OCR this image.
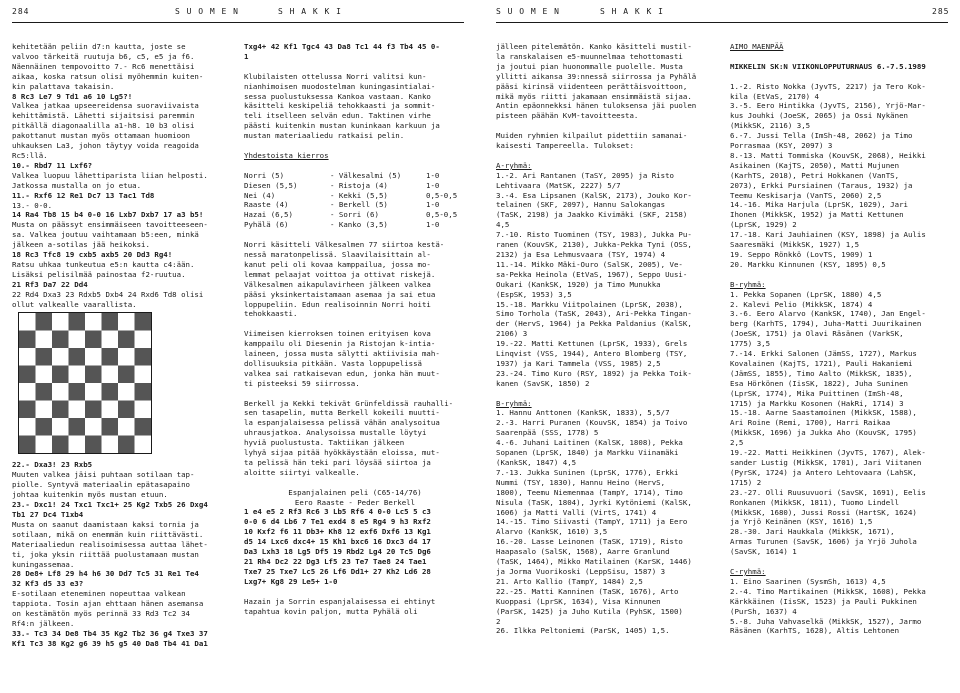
284	S U O M E N	S H A K K I

kehitetään peliin d7:n kautta, joste se

valvoo tärkeitä ruutuja b6, c5, e5 ja f6.

Näennäinen tempovoitto 7.- Rc6 menettäisi

aikaa, koska ratsun olisi myöhemmin kuiten-

kin palattava takaisin.

8 Rc3 Le7 9 Td1 a6 10 Lg5?!

Valkea jatkaa upseereidensa suoraviivaista

kehittämistä. Lähetti sijaitsisi paremmin

pitkällä diagonaalilla a1-h8. 10 b3 olisi

pakottanut mustan myös ottamaan huomioon

uhkauksen Lа3, johon täytyy voida reagoida

Rc5:llä.

10.- Rbd7 11 Lxf6?

Valkea luopuu lähettiparista liian helposti.

Jatkossa mustalla on jo etua.

11.- Rxf6 12 Re1 Dc7 13 Tac1 Td8

13.- 0-0.

14 Ra4 Tb8 15 b4 0-0 16 Lxb7 Dxb7 17 a3 b5!

Musta on päässyt ensimmäiseen tavoitteeseen-

sa. Valkea joutuu vaihtamaan b5:een, minkä

jälkeen a-sotilas jää heikoksi.

18 Rc3 Tfc8 19 cxb5 axb5 20 Dd3 Rg4!

Ratsu uhkaa tunkeutua e5:n kautta c4:ään.

Lisäksi pelisilmää painostaa f2-ruutua.

21 Rf3 Da7 22 Dd4

22 Rd4 Dxa3 23 Rdxb5 Dxb4 24 Rxd6 Td8 olisi

ollut valkealle vaarallista.

22.- Dxa3! 23 Rxb5

Muuten valkea jäisi puhtaan sotilaan tap-

piolle. Syntyvä materiaalin epätasapaino

johtaa kuitenkin myös mustan etuun.

23.- Dxc1! 24 Txc1 Txc1+ 25 Kg2 Txb5 26 Dxg4

Tb1 27 Dc4 T1xb4

Musta on saanut daamistaan kaksi tornia ja

sotilaan, mikä on enemmän kuin riittävästi.

Materiaaliedun realisoimisessa auttaa lähet-

ti, joka yksin riittää puolustamaan mustan

kuningassemaa.

28 De8+ Lf8 29 h4 h6 30 Dd7 Tc5 31 Re1 Te4

32 Kf3 d5 33 e3?

E-sotilaan eteneminen nopeuttaa valkean

tappiota. Tosin ajan ehttaan hänen asemansa

on kestämätön myös perinnä 33 Rd3 Tc2 34

Rf4:n jälkeen.

33.- Tc3 34 De8 Tb4 35 Kg2 Tb2 36 g4 Txe3 37

Kf1 Tc3 38 Kg2 g6 39 h5 g5 40 Da8 Tb4 41 Da1

Txg4+ 42 Kf1 Tgc4 43 Da8 Tc1 44 f3 Tb4 45 0-

1

Klubilaisten ottelussa Norri valitsi kun-

nianhimoisen muodostelman kuningasintialai-

sessa puolustuksessa Kankoa vastaan. Kanko

käsitteli keskipeliä tehokkaasti ja sommit-

teli itselleen selvän edun. Taktinen virhe

päästi kuitenkin mustan kuninkaan karkuun ja

mustan materiaaliedu ratkaisi pelin.

Yhdestoista kierros

Norri (5)	- Välkesalmi (5)	1-0
Diesen (5,5)	- Ristoja (4)	1-0
Nei (4)	- Kekki (5,5)	0,5-0,5
Raaste (4)	- Berkell (5)	1-0
Hazai (6,5)	- Sorri (6)	0,5-0,5
Pyhälä (6)	- Kanko (3,5)	1-0

Norri käsitteli Välkesalmen 77 siirtoa kestä-

nessä maratonpelissä. Slaavilaisittain al-

kanut peli oli kovaa kamppailua, jossa mo-

lemmat pelaajat voittoa ja ottivat riskejä.

Välkesalmen aikapulavirheen jälkeen valkea

pääsi yksinkertaistamaan asemaa ja sai etua

loppupeliin. Edun realisoinnin Norri hoiti

tehokkaasti.

Viimeisen kierroksen toinen erityisen kova

kamppailu oli Diesenin ja Ristojan k-intia-

laineen, jossa musta sälytti aktiivisia mah-

dollisuuksia pitkään. Vasta loppupelissä

valkea sai ratkaisevan edun, jonka hän muut-

ti pisteeksi 59 siirrossa.

Berkell ja Kekki tekivät Grünfeldissä rauhalli-

sen tasapelin, mutta Berkell kokeili muutti-

la espanjalaisessa pelissä vähän analysoitua

uhrausjatkoa. Analysoissa mustalle löytyi

hyviä puolustusta. Taktiikan jälkeen

lyhyä sijaa pitää hyökkäystään eloissa, mut-

ta pelissä hän teki pari löysää siirtoa ja

aloitte siirtyi valkealle.

Espanjalainen peli (C65-14/76)

Eero Raaste - Peder Berkell

1 e4 e5 2 Rf3 Rc6 3 Lb5 Rf6 4 0-0 Lc5 5 c3

0-0 6 d4 Lb6 7 Te1 exd4 8 e5 Rg4 9 h3 Rxf2

10 Kxf2 f6 11 Db3+ Kh8 12 exf6 Dxf6 13 Kg1

d5 14 Lxc6 dxc4+ 15 Kh1 bxc6 16 Dxc3 d4 17

Da3 Lxh3 18 Lg5 Df5 19 Rbd2 Lg4 20 Tc5 Dg6

21 Rh4 Dc2 22 Dg3 Lf5 23 Te7 Tae8 24 Tae1

Txe7 25 Txe7 Lc5 26 Lf6 Dd1+ 27 Kh2 Ld6 28

Lxg7+ Kg8 29 Le5+ 1-0

Hazain ja Sorrin espanjalaisessa ei ehtinyt

tapahtua kovin paljon, mutta Pyhälä oli

S U O M E N	S H A K K I	285

jälleen pitelemätön. Kanko käsitteli mustil-

la ranskalaisen e5-muunnelmaa tehottomasti

ja joutui pian huonommalle puolelle. Musta

yllitti aikansa 39:nnessä siirrossa ja Pyhälä

pääsi kirinsä viidenteen perättäisvoittoon,

mikä myös riitti jakamaan ensimmäistä sijaa.

Antin epäonnekksi hänen tuloksensa jäi puolen

pisteen päähän KvM-tavoitteesta.

Muiden ryhmien kilpailut pidettiin samanai-

kaisesti Tampereella. Tulokset:

A-ryhmä:

1.-2. Ari Rantanen (TaSY, 2095) ja Risto

Lehtivaara (MatSK, 2227) 5/7

3.-4. Esa Lipsanen (KalSK, 2173), Jouko Kor-

telainen (SKF, 2097), Hannu Salokangas

(TaSK, 2198) ja Jaakko Kivimäki (SKF, 2158)

4,5

7.-10. Risto Tuominen (TSY, 1983), Jukka Pu-

ranen (KouvSK, 2130), Jukka-Pekka Tyni (OSS,

2132) ja Esa Lehmusvaara (TSY, 1974) 4

11.-14. Mikko Mäki-Ouro (SalSK, 2005), Ve-

sa-Pekka Heinola (EtVaS, 1967), Seppo Uusi-

Oukari (KankSK, 1920) ja Timo Munukka

(EspSK, 1953) 3,5

15.-18. Markku Viitpolainen (LprSK, 2038),

Simo Torhola (TaSK, 2043), Ari-Pekka Tingan-

der (HervS, 1964) ja Pekka Paldanius (KalSK,

2106) 3

19.-22. Matti Kettunen (LprSK, 1933), Grels

Linqvist (VSS, 1944), Antero Blomberg (TSY,

1937) ja Kari Tammela (VSS, 1985) 2,5

23.-24. Timo Kuro (RSY, 1892) ja Pekka Toik-

kanen (SavSK, 1850) 2

B-ryhmä:

1. Hannu Anttonen (KankSK, 1833), 5,5/7

2.-3. Harri Puranen (KouvSK, 1854) ja Toivo

Saarenpää (SSS, 1778) 5

4.-6. Juhani Laitinen (KalSK, 1808), Pekka

Sopanen (LprSK, 1840) ja Markku Viinamäki

(KankSK, 1847) 4,5

7.-13. Jukka Suninen (LprSK, 1776), Erkki

Nummi (TSY, 1830), Hannu Heino (HervS,

1800), Teemu Niemenmaa (TampY, 1714), Timo

Nisula (TaSK, 1804), Jyrki Kytöniemi (KalSK,

1606) ja Matti Valli (VirtS, 1741) 4

14.-15. Timo Siivasti (TampY, 1711) ja Eero

Alarvo (KankSK, 1610) 3,5

16.-20. Lasse Leinonen (TaSK, 1719), Risto

Haapasalo (SalSK, 1568), Aarre Granlund

(TaSK, 1464), Mikko Matilainen (KarSK, 1446)

ja Jorma Vuorikoski (LeppSisu, 1587) 3

21. Arto Kallio (TampY, 1484) 2,5

22.-25. Matti Kanninen (TaSK, 1676), Arto

Kuoppasi (LprSK, 1634), Visa Kinnunen

(ParSK, 1425) ja Juho Kutila (PyhSK, 1500)

2

26. Ilkka Peltoniemi (ParSK, 1405) 1,5.

AIMO MAENPÄÄ

MIKKELIN SK:N VIIKONLOPPUTURNAUS 6.-7.5.1989

1.-2. Risto Nokka (JyvTS, 2217) ja Tero Kok-

kila (EtVaS, 2170) 4

3.-5. Eero Hintikka (JyvTS, 2156), Yrjö-Mar-

kus Jouhki (JoeSK, 2065) ja Ossi Nykänen

(MikkSK, 2116) 3,5

6.-7. Jussi Tella (ImSh-48, 2062) ja Timo

Porrasmaa (KSY, 2097) 3

8.-13. Matti Tommiska (KouvSK, 2068), Heikki

Asikainen (KajTS, 2050), Matti Mujunen

(KarhTS, 2018), Petri Hokkanen (VanTS,

2073), Erkki Pursiainen (Taraus, 1932) ja

Teemu Keskisarja (VanTS, 2060) 2,5

14.-16. Mika Harjula (LprSK, 1029), Jari

Ihonen (MikkSK, 1952) ja Matti Kettunen

(LprSK, 1929) 2

17.-18. Kari Jauhiainen (KSY, 1898) ja Aulis

Saaresmäki (MikkSK, 1927) 1,5

19. Seppo Rönkkö (LovTS, 1909) 1

20. Markku Kinnunen (KSY, 1895) 0,5

B-ryhmä:

1. Pekka Sopanen (LprSK, 1880) 4,5

2. Kalevi Pelio (MikkSK, 1874) 4

3.-6. Eero Alarvo (KankSK, 1740), Jan Engel-

berg (KarhTS, 1794), Juha-Matti Juurikainen

(JoeSK, 1751) ja Olavi Räsänen (VarkSK,

1775) 3,5

7.-14. Erkki Salonen (JämSS, 1727), Markus

Kovalainen (KajTS, 1721), Pauli Hakaniemi

(JämSS, 1855), Timo Aalto (MikkSK, 1835),

Esa Hörkönen (IisSK, 1822), Juha Suninen

(LprSK, 1774), Mika Puittinen (ImSh-48,

1715) ja Markku Kosonen (HakRi, 1714) 3

15.-18. Aarne Saastamoinen (MikkSK, 1588),

Ari Roine (Remi, 1700), Harri Raikaa

(MikkSK, 1696) ja Jukka Aho (KouvSK, 1795)

2,5

19.-22. Matti Heikkinen (JyvTS, 1767), Alek-

sander Lustig (MikkSK, 1701), Jari Viitanen

(PyrSK, 1724) ja Antero Lehtovaara (LahSK,

1715) 2

23.-27. Olli Ruusuvuori (SavSK, 1691), Eelis

Ronkanen (MikkSK, 1811), Tuomo Lindell

(MikkSK, 1680), Jussi Rossi (HartSK, 1624)

ja Yrjö Keinänen (KSY, 1616) 1,5

28.-30. Jari Haukkala (MikkSK, 1671),

Armas Turunen (SavSK, 1606) ja Yrjö Juhola

(SavSK, 1614) 1

C-ryhmä:

1. Eino Saarinen (SysmSh, 1613) 4,5

2.-4. Timo Martikainen (MikkSK, 1608), Pekka

Kärkkäinen (IisSK, 1523) ja Pauli Pukkinen

(PurSh, 1637) 4

5.-8. Juha Vahvaselkä (MikkSK, 1527), Jarmo

Räsänen (KarhTS, 1628), Altis Lehtonen
